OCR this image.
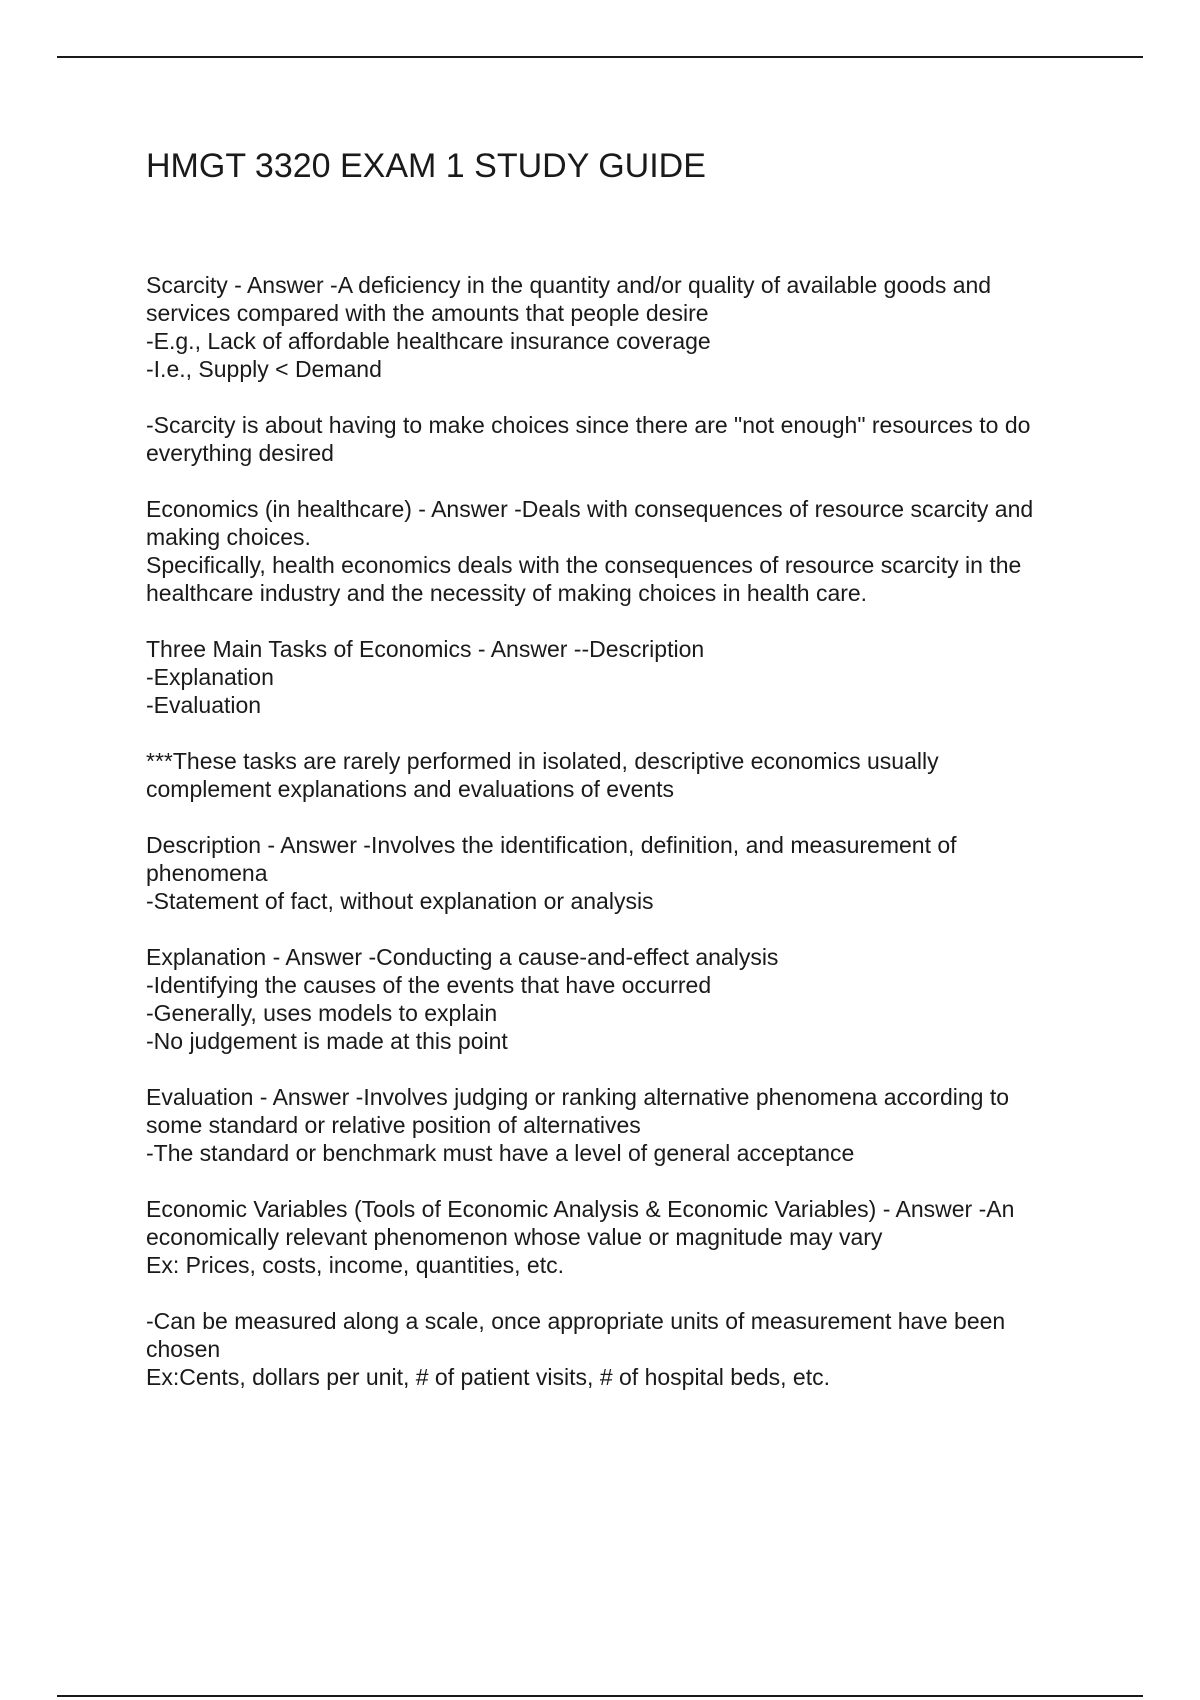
HMGT 3320 EXAM 1 STUDY GUIDE

Scarcity - Answer -A deficiency in the quantity and/or quality of available goods and
services compared with the amounts that people desire
-E.g., Lack of affordable healthcare insurance coverage
-I.e., Supply < Demand

-Scarcity is about having to make choices since there are "not enough" resources to do
everything desired

Economics (in healthcare) - Answer -Deals with consequences of resource scarcity and
making choices.
Specifically, health economics deals with the consequences of resource scarcity in the
healthcare industry and the necessity of making choices in health care.

Three Main Tasks of Economics - Answer --Description
-Explanation
-Evaluation

***These tasks are rarely performed in isolated, descriptive economics usually
complement explanations and evaluations of events

Description - Answer -Involves the identification, definition, and measurement of
phenomena
-Statement of fact, without explanation or analysis

Explanation - Answer -Conducting a cause-and-effect analysis
-Identifying the causes of the events that have occurred
-Generally, uses models to explain
-No judgement is made at this point

Evaluation - Answer -Involves judging or ranking alternative phenomena according to
some standard or relative position of alternatives
-The standard or benchmark must have a level of general acceptance

Economic Variables (Tools of Economic Analysis & Economic Variables) - Answer -An
economically relevant phenomenon whose value or magnitude may vary
Ex: Prices, costs, income, quantities, etc.

-Can be measured along a scale, once appropriate units of measurement have been
chosen
Ex:Cents, dollars per unit, # of patient visits, # of hospital beds, etc.
